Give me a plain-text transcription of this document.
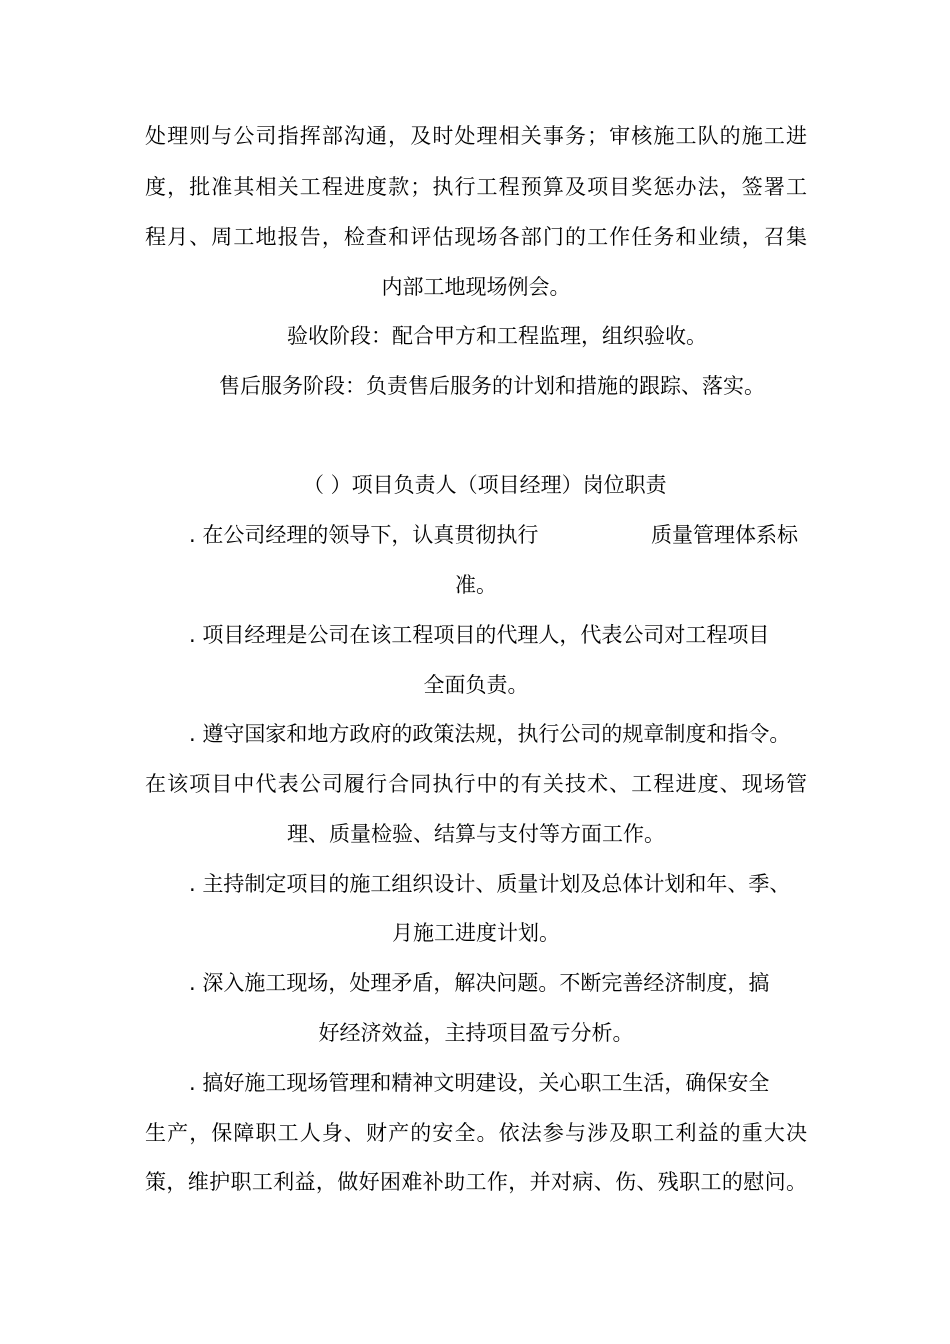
处理则与公司指挥部沟通，及时处理相关事务；审核施工队的施工进
度，批准其相关工程进度款；执行工程预算及项目奖惩办法，签署工
程月、周工地报告，检查和评估现场各部门的工作任务和业绩，召集
内部工地现场例会。
验收阶段：配合甲方和工程监理，组织验收。
售后服务阶段：负责售后服务的计划和措施的跟踪、落实。
（ ）项目负责人（项目经理）岗位职责
. 在公司经理的领导下，认真贯彻执行	质量管理体系标
准。
. 项目经理是公司在该工程项目的代理人，代表公司对工程项目
全面负责。
. 遵守国家和地方政府的政策法规，执行公司的规章制度和指令。
在该项目中代表公司履行合同执行中的有关技术、工程进度、现场管
理、质量检验、结算与支付等方面工作。
. 主持制定项目的施工组织设计、质量计划及总体计划和年、季、
月施工进度计划。
. 深入施工现场，处理矛盾，解决问题。不断完善经济制度，搞
好经济效益，主持项目盈亏分析。
. 搞好施工现场管理和精神文明建设，关心职工生活，确保安全
生产，保障职工人身、财产的安全。依法参与涉及职工利益的重大决
策，维护职工利益，做好困难补助工作，并对病、伤、残职工的慰问。
